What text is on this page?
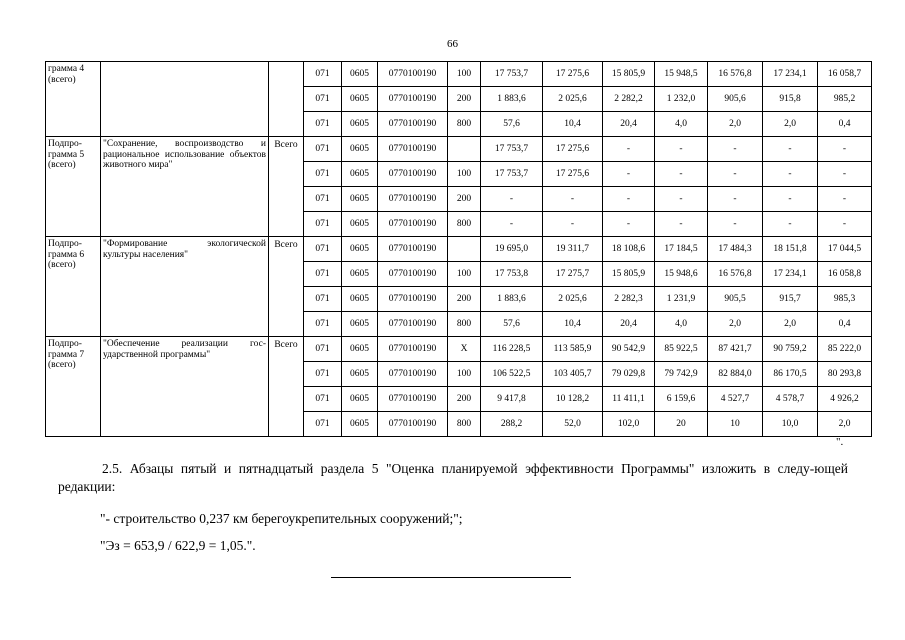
66
грамма 4 (всего)			071	0605	0770100190	100	17 753,7	17 275,6	15 805,9	15 948,5	16 576,8	17 234,1	16 058,7
			071	0605	0770100190	200	1 883,6	2 025,6	2 282,2	1 232,0	905,6	915,8	985,2
			071	0605	0770100190	800	57,6	10,4	20,4	4,0	2,0	2,0	0,4
Подпро-грамма 5 (всего)	"Сохранение, воспроизводство и рациональное использование объектов животного мира"	Всего	071	0605	0770100190		17 753,7	17 275,6	-	-	-	-	-
			071	0605	0770100190	100	17 753,7	17 275,6	-	-	-	-	-
			071	0605	0770100190	200	-	-	-	-	-	-	-
			071	0605	0770100190	800	-	-	-	-	-	-	-
Подпро-грамма 6 (всего)	"Формирование экологической культуры населения"	Всего	071	0605	0770100190		19 695,0	19 311,7	18 108,6	17 184,5	17 484,3	18 151,8	17 044,5
			071	0605	0770100190	100	17 753,8	17 275,7	15 805,9	15 948,6	16 576,8	17 234,1	16 058,8
			071	0605	0770100190	200	1 883,6	2 025,6	2 282,3	1 231,9	905,5	915,7	985,3
			071	0605	0770100190	800	57,6	10,4	20,4	4,0	2,0	2,0	0,4
Подпро-грамма 7 (всего)	"Обеспечение реализации гос-ударственной программы"	Всего	071	0605	0770100190	Х	116 228,5	113 585,9	90 542,9	85 922,5	87 421,7	90 759,2	85 222,0
			071	0605	0770100190	100	106 522,5	103 405,7	79 029,8	79 742,9	82 884,0	86 170,5	80 293,8
			071	0605	0770100190	200	9 417,8	10 128,2	11 411,1	6 159,6	4 527,7	4 578,7	4 926,2
			071	0605	0770100190	800	288,2	52,0	102,0	20	10	10,0	2,0
".
2.5. Абзацы пятый и пятнадцатый раздела 5 "Оценка планируемой эффективности Программы" изложить в следу-ющей редакции:
"- строительство 0,237 км берегоукрепительных сооружений;";
"Эз = 653,9 / 622,9 = 1,05.".
